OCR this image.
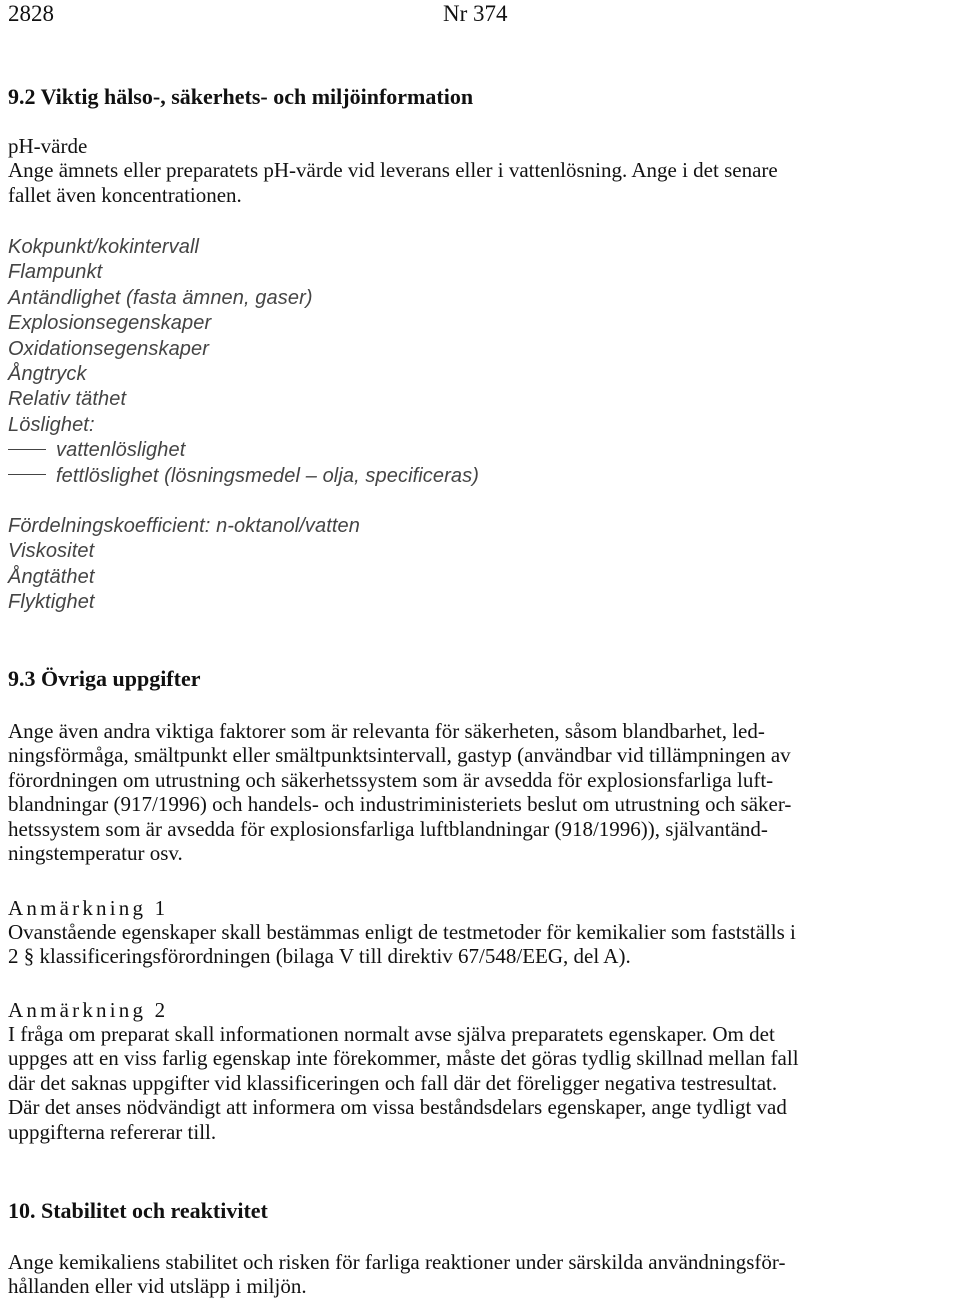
2828	Nr 374
9.2 Viktig hälso-, säkerhets- och miljöinformation
pH-värde
Ange ämnets eller preparatets pH-värde vid leverans eller i vattenlösning. Ange i det senare
fallet även koncentrationen.
Kokpunkt/kokintervall
Flampunkt
Antändlighet (fasta ämnen, gaser)
Explosionsegenskaper
Oxidationsegenskaper
Ångtryck
Relativ täthet
Löslighet:
vattenlöslighet
fettlöslighet (lösningsmedel – olja, specificeras)
Fördelningskoefficient: n-oktanol/vatten
Viskositet
Ångtäthet
Flyktighet
9.3 Övriga uppgifter
Ange även andra viktiga faktorer som är relevanta för säkerheten, såsom blandbarhet, led-
ningsförmåga, smältpunkt eller smältpunktsintervall, gastyp (användbar vid tillämpningen av
förordningen om utrustning och säkerhetssystem som är avsedda för explosionsfarliga luft-
blandningar (917/1996) och handels- och industriministeriets beslut om utrustning och säker-
hetssystem som är avsedda för explosionsfarliga luftblandningar (918/1996)), självantänd-
ningstemperatur osv.
Anmärkning 1
Ovanstående egenskaper skall bestämmas enligt de testmetoder för kemikalier som fastställs i
2 § klassificeringsförordningen (bilaga V till direktiv 67/548/EEG, del A).
Anmärkning 2
I fråga om preparat skall informationen normalt avse själva preparatets egenskaper. Om det
uppges att en viss farlig egenskap inte förekommer, måste det göras tydlig skillnad mellan fall
där det saknas uppgifter vid klassificeringen och fall där det föreligger negativa testresultat.
Där det anses nödvändigt att informera om vissa beståndsdelars egenskaper, ange tydligt vad
uppgifterna refererar till.
10. Stabilitet och reaktivitet
Ange kemikaliens stabilitet och risken för farliga reaktioner under särskilda användningsför-
hållanden eller vid utsläpp i miljön.
